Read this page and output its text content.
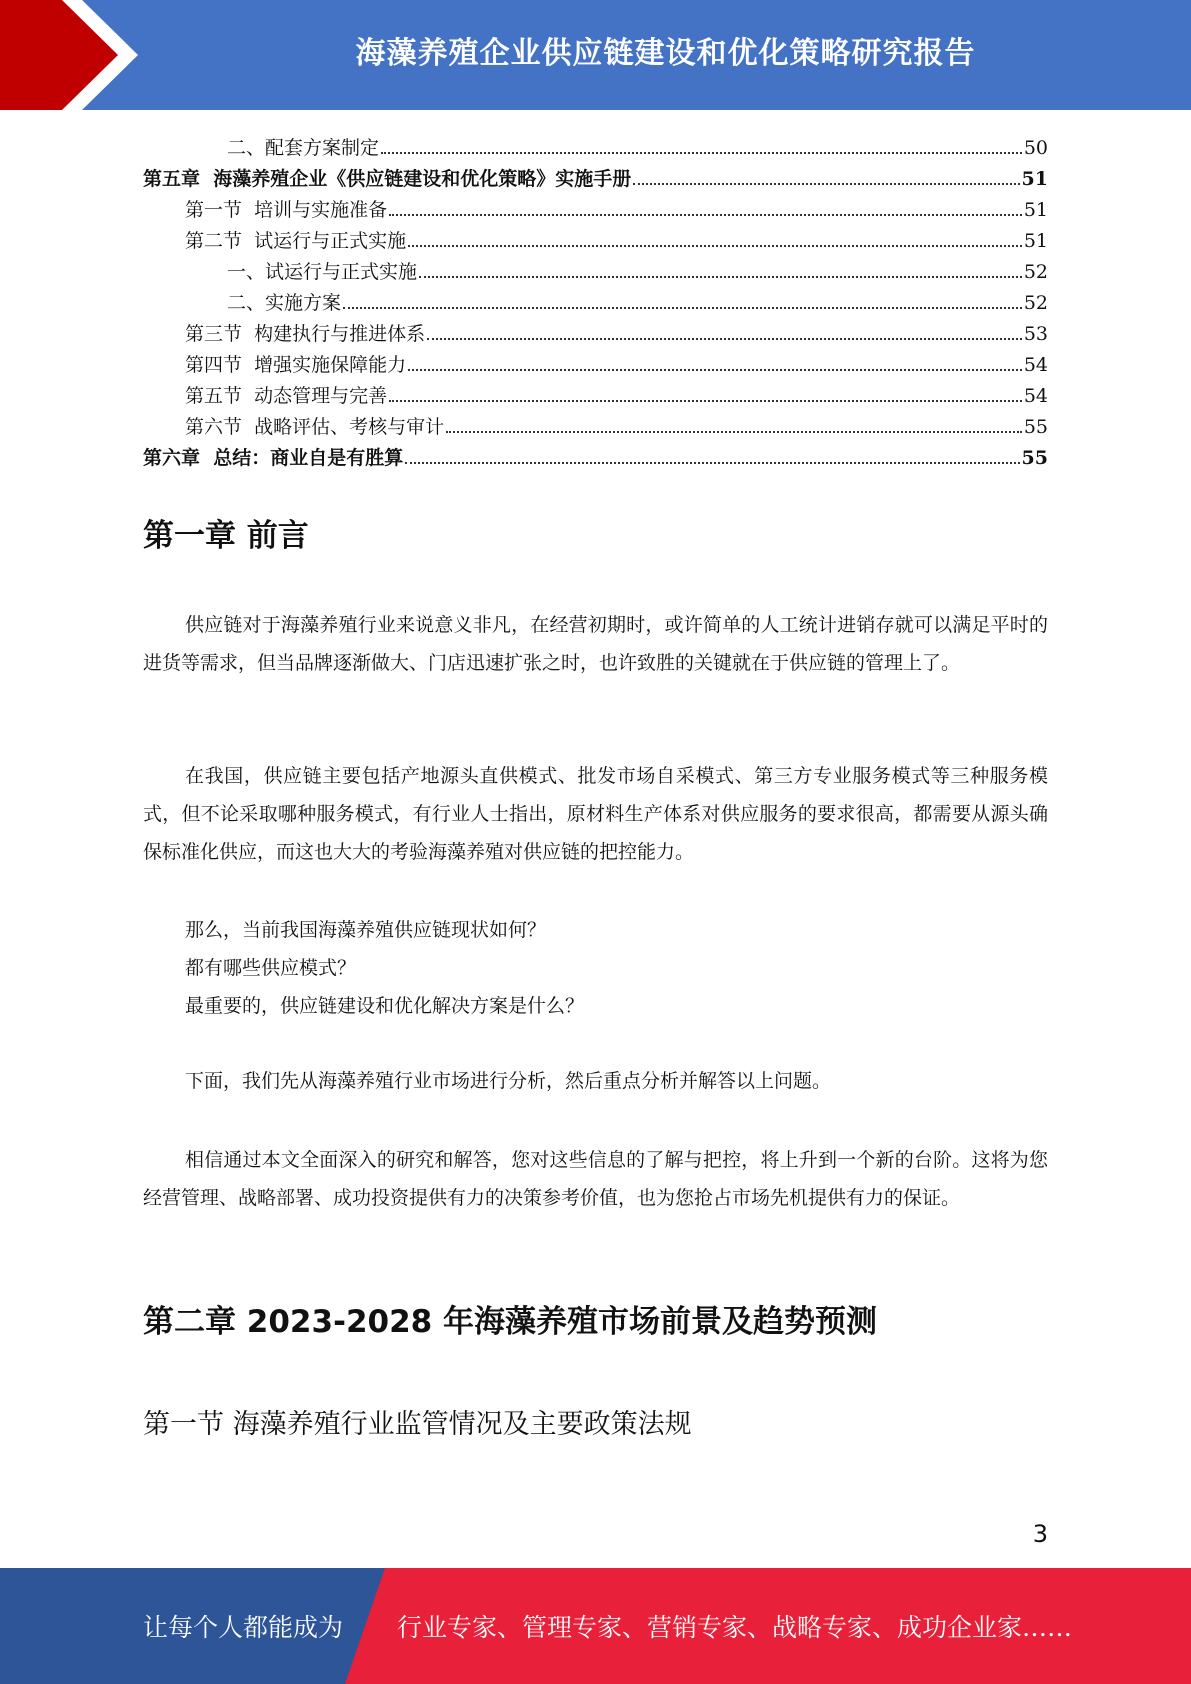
海藻养殖企业供应链建设和优化策略研究报告
二、配套方案制定	50
第五章  海藻养殖企业《供应链建设和优化策略》实施手册	51
第一节  培训与实施准备	51
第二节  试运行与正式实施	51
一、试运行与正式实施	52
二、实施方案	52
第三节  构建执行与推进体系	53
第四节  增强实施保障能力	54
第五节  动态管理与完善	54
第六节  战略评估、考核与审计	55
第六章  总结：商业自是有胜算	55
第一章 前言

供应链对于海藻养殖行业来说意义非凡，在经营初期时，或许简单的人工统计进销存就可以满足平时的进货等需求，但当品牌逐渐做大、门店迅速扩张之时，也许致胜的关键就在于供应链的管理上了。

在我国，供应链主要包括产地源头直供模式、批发市场自采模式、第三方专业服务模式等三种服务模式，但不论采取哪种服务模式，有行业人士指出，原材料生产体系对供应服务的要求很高，都需要从源头确保标准化供应，而这也大大的考验海藻养殖对供应链的把控能力。

那么，当前我国海藻养殖供应链现状如何？

都有哪些供应模式？

最重要的，供应链建设和优化解决方案是什么？

下面，我们先从海藻养殖行业市场进行分析，然后重点分析并解答以上问题。

相信通过本文全面深入的研究和解答，您对这些信息的了解与把控，将上升到一个新的台阶。这将为您经营管理、战略部署、成功投资提供有力的决策参考价值，也为您抢占市场先机提供有力的保证。

第二章 2023-2028 年海藻养殖市场前景及趋势预测
第一节 海藻养殖行业监管情况及主要政策法规
3
让每个人都能成为 行业专家、管理专家、营销专家、战略专家、成功企业家……
